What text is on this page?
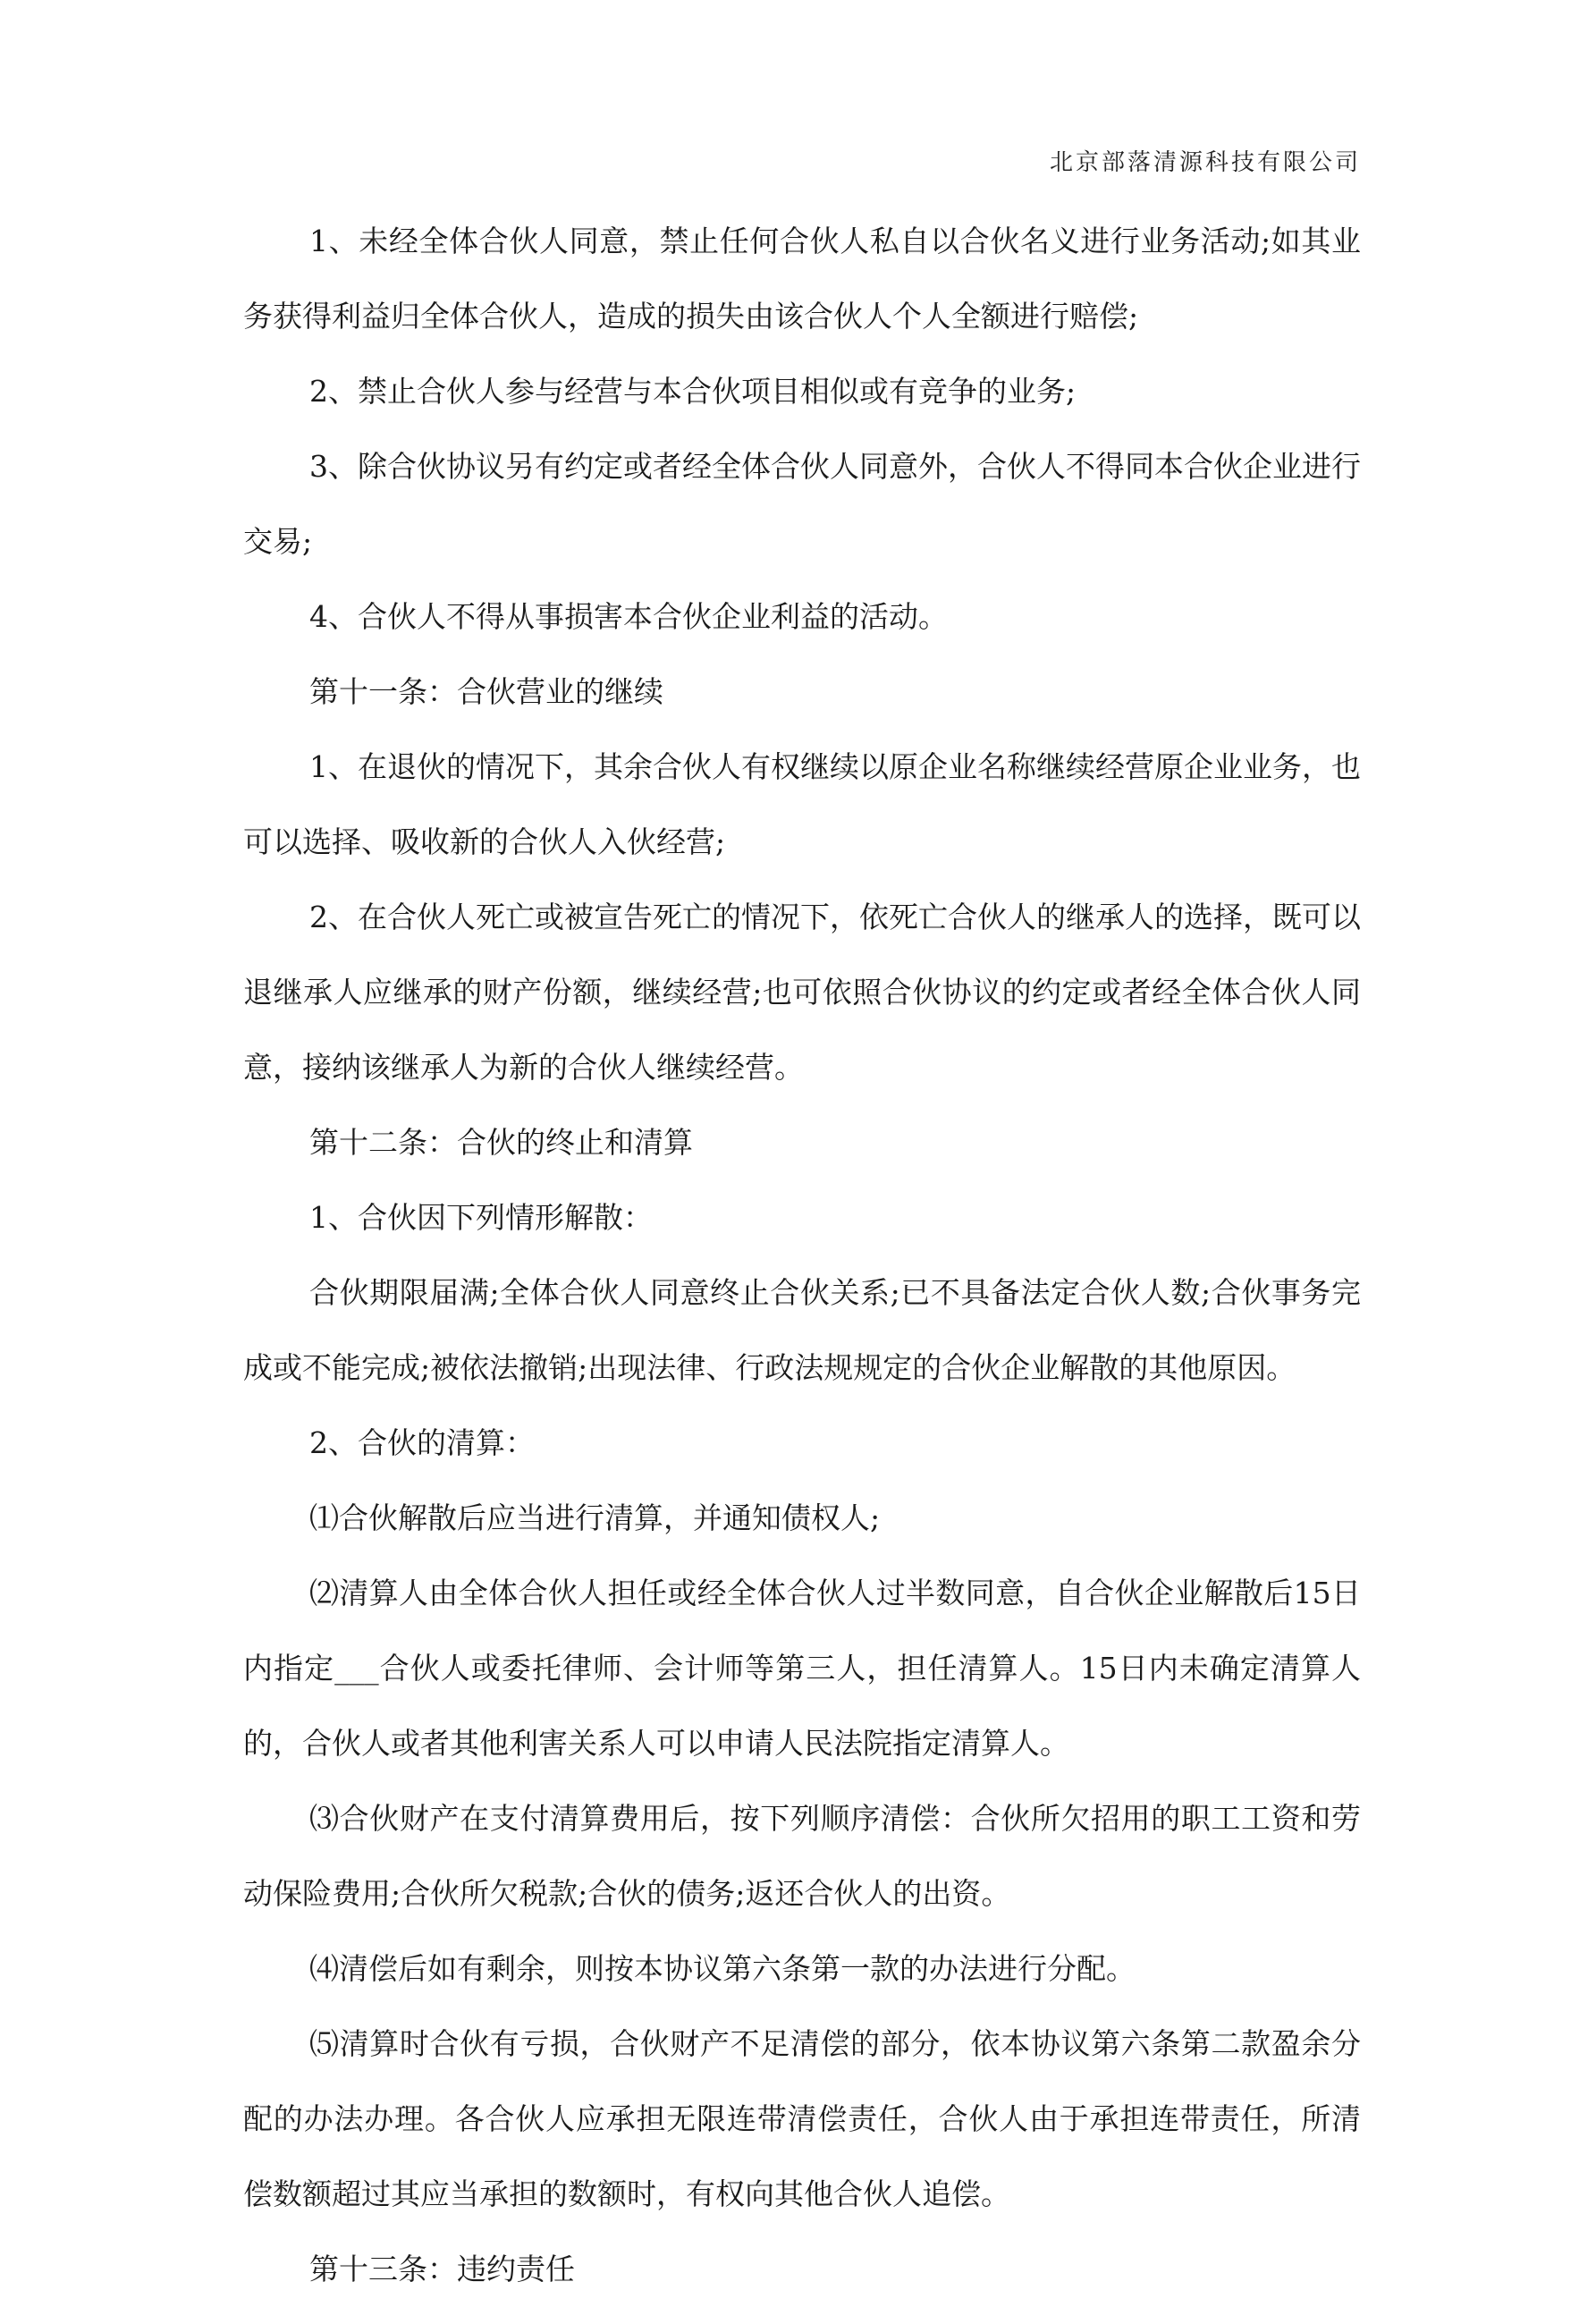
北京部落清源科技有限公司

1、未经全体合伙人同意，禁止任何合伙人私自以合伙名义进行业务活动;如其业务获得利益归全体合伙人，造成的损失由该合伙人个人全额进行赔偿;

2、禁止合伙人参与经营与本合伙项目相似或有竞争的业务;

3、除合伙协议另有约定或者经全体合伙人同意外，合伙人不得同本合伙企业进行交易;

4、合伙人不得从事损害本合伙企业利益的活动。

第十一条：合伙营业的继续

1、在退伙的情况下，其余合伙人有权继续以原企业名称继续经营原企业业务，也可以选择、吸收新的合伙人入伙经营;

2、在合伙人死亡或被宣告死亡的情况下，依死亡合伙人的继承人的选择，既可以退继承人应继承的财产份额，继续经营;也可依照合伙协议的约定或者经全体合伙人同意，接纳该继承人为新的合伙人继续经营。

第十二条：合伙的终止和清算

1、合伙因下列情形解散：

合伙期限届满;全体合伙人同意终止合伙关系;已不具备法定合伙人数;合伙事务完成或不能完成;被依法撤销;出现法律、行政法规规定的合伙企业解散的其他原因。

2、合伙的清算：

⑴合伙解散后应当进行清算，并通知债权人;

⑵清算人由全体合伙人担任或经全体合伙人过半数同意，自合伙企业解散后15日内指定___合伙人或委托律师、会计师等第三人，担任清算人。15日内未确定清算人的，合伙人或者其他利害关系人可以申请人民法院指定清算人。

⑶合伙财产在支付清算费用后，按下列顺序清偿：合伙所欠招用的职工工资和劳动保险费用;合伙所欠税款;合伙的债务;返还合伙人的出资。

⑷清偿后如有剩余，则按本协议第六条第一款的办法进行分配。

⑸清算时合伙有亏损，合伙财产不足清偿的部分，依本协议第六条第二款盈余分配的办法办理。各合伙人应承担无限连带清偿责任，合伙人由于承担连带责任，所清偿数额超过其应当承担的数额时，有权向其他合伙人追偿。

第十三条：违约责任
